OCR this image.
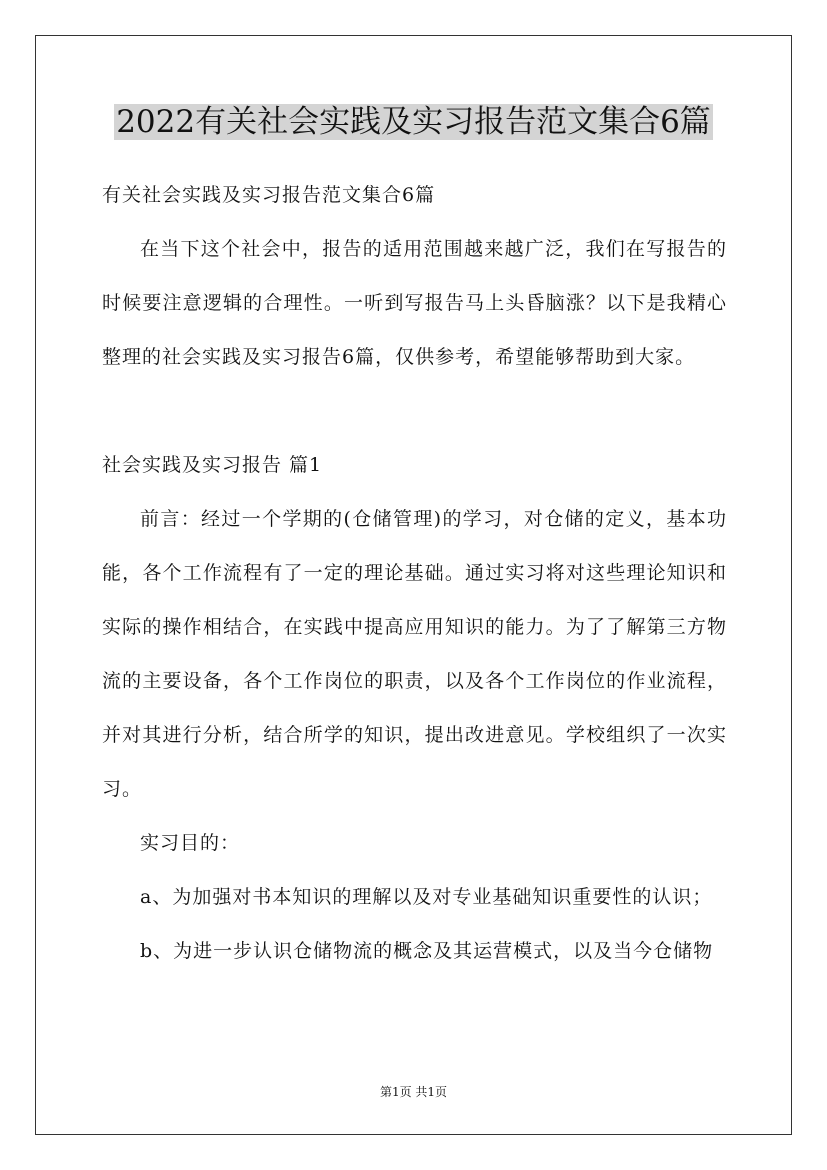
2022有关社会实践及实习报告范文集合6篇

有关社会实践及实习报告范文集合6篇

在当下这个社会中，报告的适用范围越来越广泛，我们在写报告的时候要注意逻辑的合理性。一听到写报告马上头昏脑涨？以下是我精心整理的社会实践及实习报告6篇，仅供参考，希望能够帮助到大家。

社会实践及实习报告 篇1

前言：经过一个学期的(仓储管理)的学习，对仓储的定义，基本功能，各个工作流程有了一定的理论基础。通过实习将对这些理论知识和实际的操作相结合，在实践中提高应用知识的能力。为了了解第三方物流的主要设备，各个工作岗位的职责，以及各个工作岗位的作业流程，并对其进行分析，结合所学的知识，提出改进意见。学校组织了一次实习。

实习目的：

a、为加强对书本知识的理解以及对专业基础知识重要性的认识；

b、为进一步认识仓储物流的概念及其运营模式，以及当今仓储物

第1页 共1页
